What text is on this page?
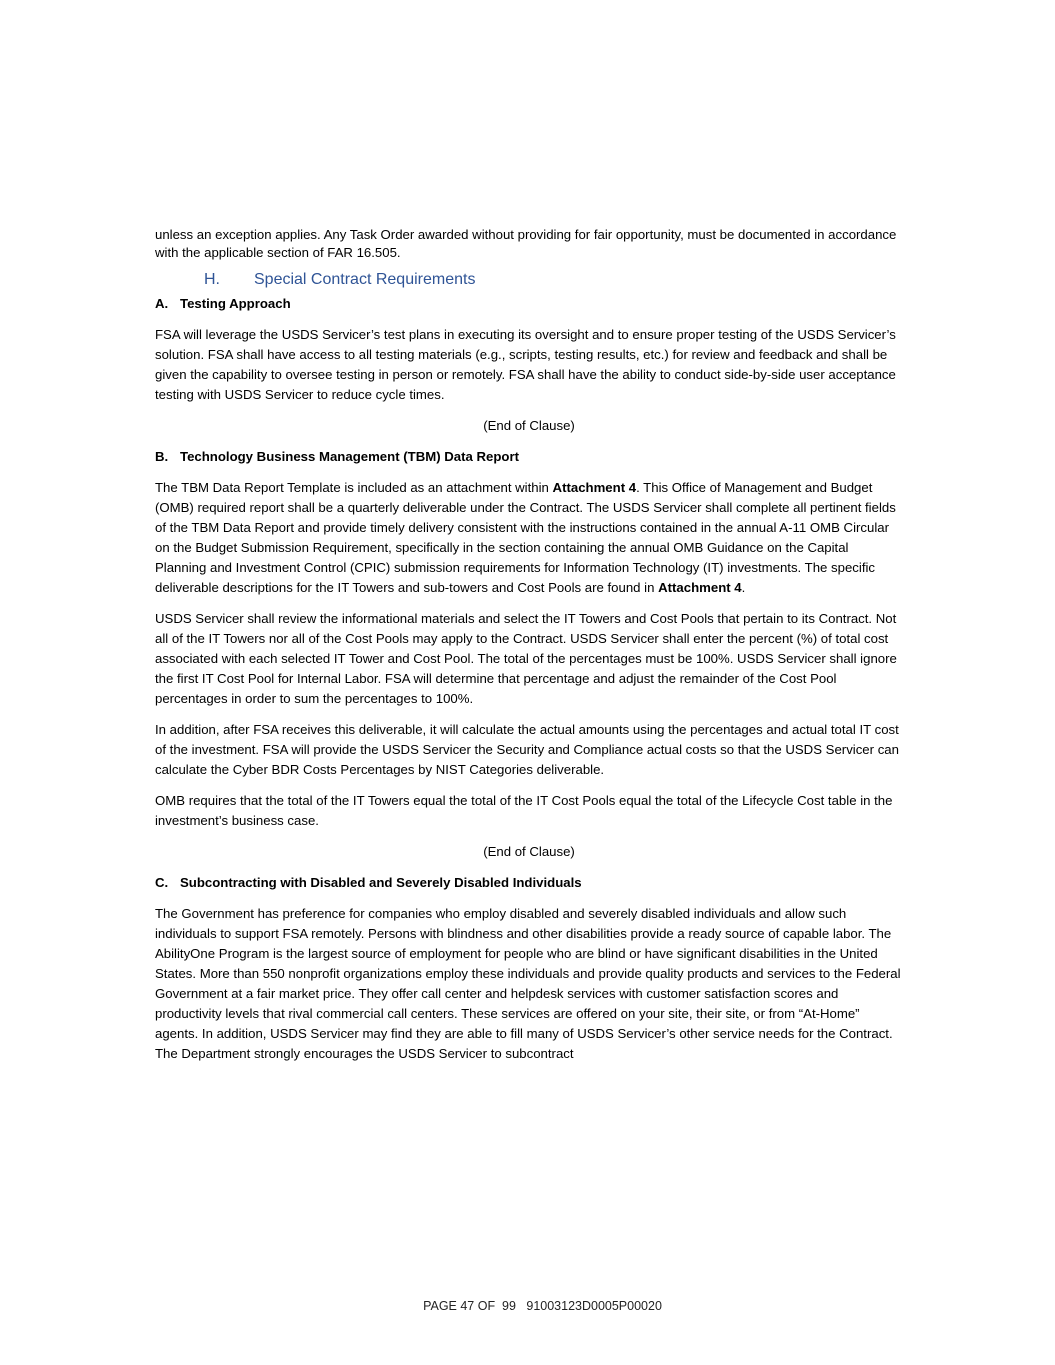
unless an exception applies. Any Task Order awarded without providing for fair opportunity, must be documented in accordance with the applicable section of FAR 16.505.

H. Special Contract Requirements
A. Testing Approach

FSA will leverage the USDS Servicer’s test plans in executing its oversight and to ensure proper testing of the USDS Servicer’s solution. FSA shall have access to all testing materials (e.g., scripts, testing results, etc.) for review and feedback and shall be given the capability to oversee testing in person or remotely. FSA shall have the ability to conduct side-by-side user acceptance testing with USDS Servicer to reduce cycle times.

(End of Clause)

B. Technology Business Management (TBM) Data Report

The TBM Data Report Template is included as an attachment within Attachment 4. This Office of Management and Budget (OMB) required report shall be a quarterly deliverable under the Contract. The USDS Servicer shall complete all pertinent fields of the TBM Data Report and provide timely delivery consistent with the instructions contained in the annual A-11 OMB Circular on the Budget Submission Requirement, specifically in the section containing the annual OMB Guidance on the Capital Planning and Investment Control (CPIC) submission requirements for Information Technology (IT) investments. The specific deliverable descriptions for the IT Towers and sub-towers and Cost Pools are found in Attachment 4.

USDS Servicer shall review the informational materials and select the IT Towers and Cost Pools that pertain to its Contract. Not all of the IT Towers nor all of the Cost Pools may apply to the Contract. USDS Servicer shall enter the percent (%) of total cost associated with each selected IT Tower and Cost Pool. The total of the percentages must be 100%. USDS Servicer shall ignore the first IT Cost Pool for Internal Labor. FSA will determine that percentage and adjust the remainder of the Cost Pool percentages in order to sum the percentages to 100%.

In addition, after FSA receives this deliverable, it will calculate the actual amounts using the percentages and actual total IT cost of the investment. FSA will provide the USDS Servicer the Security and Compliance actual costs so that the USDS Servicer can calculate the Cyber BDR Costs Percentages by NIST Categories deliverable.

OMB requires that the total of the IT Towers equal the total of the IT Cost Pools equal the total of the Lifecycle Cost table in the investment’s business case.

(End of Clause)

C. Subcontracting with Disabled and Severely Disabled Individuals

The Government has preference for companies who employ disabled and severely disabled individuals and allow such individuals to support FSA remotely. Persons with blindness and other disabilities provide a ready source of capable labor. The AbilityOne Program is the largest source of employment for people who are blind or have significant disabilities in the United States. More than 550 nonprofit organizations employ these individuals and provide quality products and services to the Federal Government at a fair market price. They offer call center and helpdesk services with customer satisfaction scores and productivity levels that rival commercial call centers. These services are offered on your site, their site, or from “At-Home” agents. In addition, USDS Servicer may find they are able to fill many of USDS Servicer’s other service needs for the Contract. The Department strongly encourages the USDS Servicer to subcontract

PAGE 47 OF  99   91003123D0005P00020
